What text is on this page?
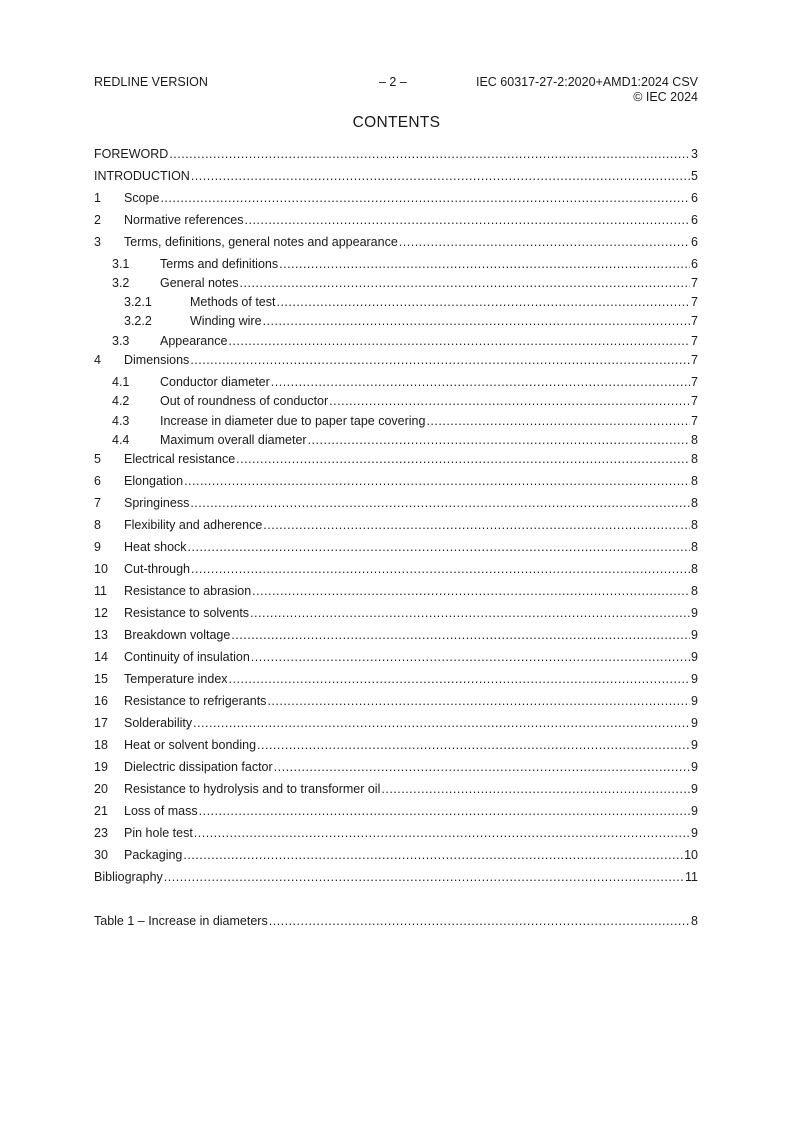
REDLINE VERSION	– 2 –	IEC 60317-27-2:2020+AMD1:2024 CSV
© IEC 2024
CONTENTS
FOREWORD .....	3
INTRODUCTION .....	5
1	Scope .....	6
2	Normative references .....	6
3	Terms, definitions, general notes and appearance .....	6
3.1	Terms and definitions .....	6
3.2	General notes .....	7
3.2.1	Methods of test .....	7
3.2.2	Winding wire .....	7
3.3	Appearance .....	7
4	Dimensions .....	7
4.1	Conductor diameter .....	7
4.2	Out of roundness of conductor .....	7
4.3	Increase in diameter due to paper tape covering .....	7
4.4	Maximum overall diameter .....	8
5	Electrical resistance .....	8
6	Elongation .....	8
7	Springiness .....	8
8	Flexibility and adherence .....	8
9	Heat shock .....	8
10	Cut-through .....	8
11	Resistance to abrasion .....	8
12	Resistance to solvents .....	9
13	Breakdown voltage .....	9
14	Continuity of insulation .....	9
15	Temperature index .....	9
16	Resistance to refrigerants .....	9
17	Solderability .....	9
18	Heat or solvent bonding .....	9
19	Dielectric dissipation factor .....	9
20	Resistance to hydrolysis and to transformer oil .....	9
21	Loss of mass .....	9
23	Pin hole test .....	9
30	Packaging .....	10
Bibliography .....	11
Table 1 – Increase in diameters .....	8
